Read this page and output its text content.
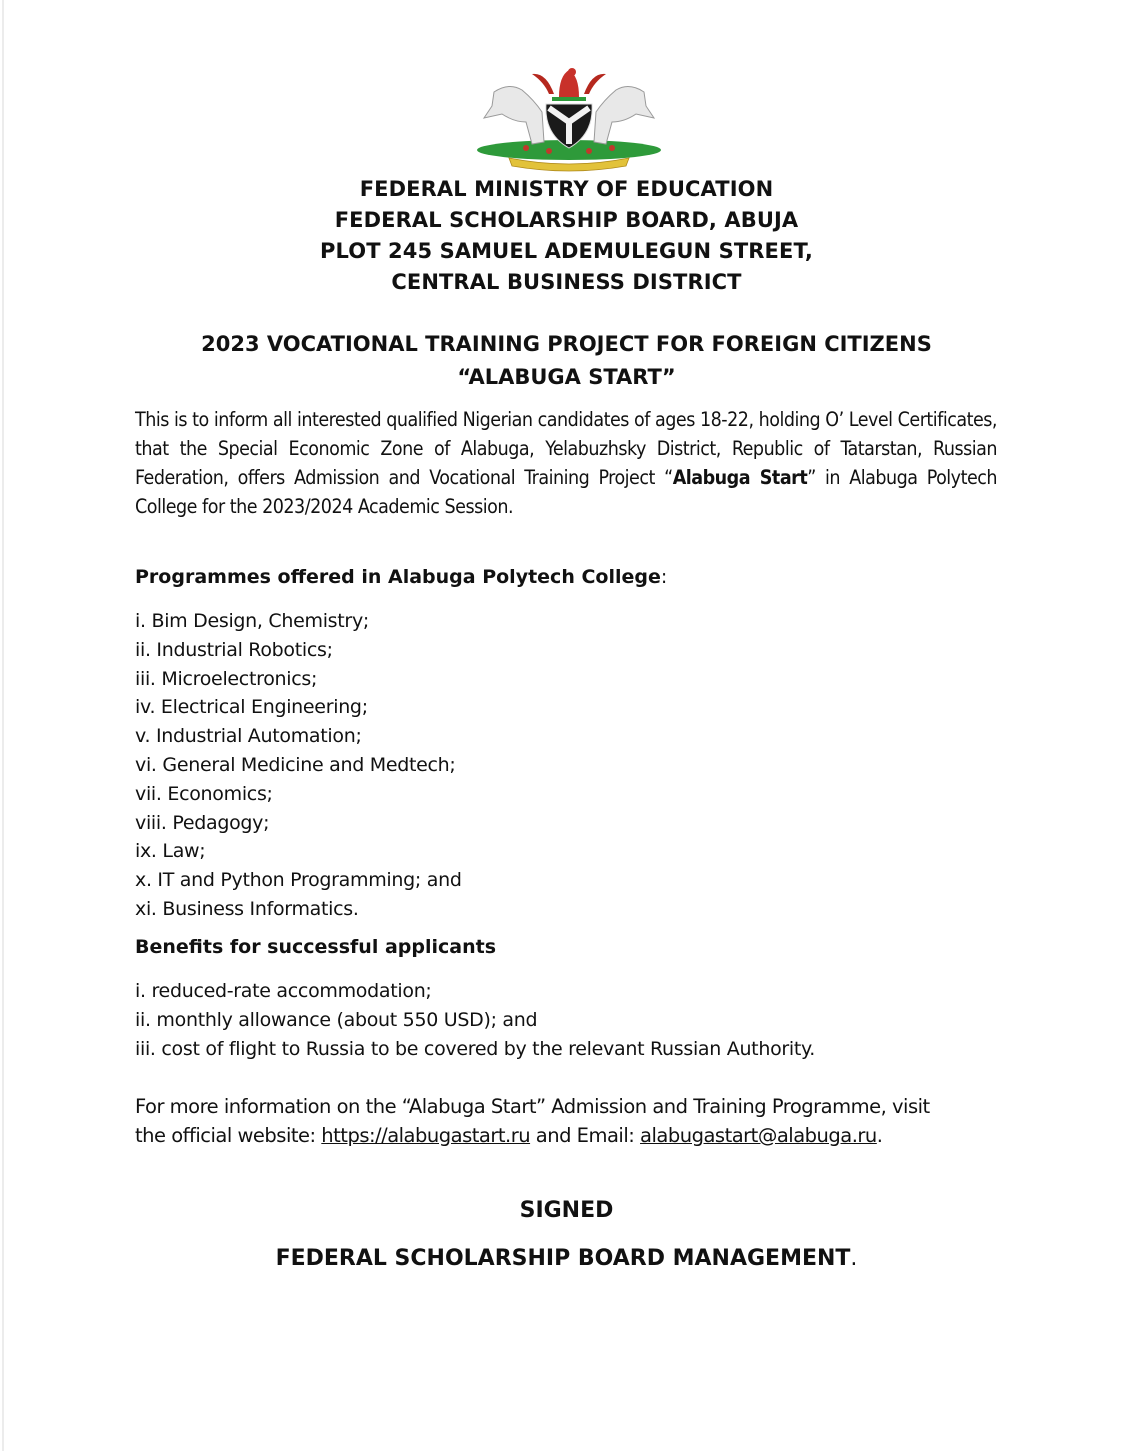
FEDERAL MINISTRY OF EDUCATION
FEDERAL SCHOLARSHIP BOARD, ABUJA
PLOT 245 SAMUEL ADEMULEGUN STREET,
CENTRAL BUSINESS DISTRICT
2023 VOCATIONAL TRAINING PROJECT FOR FOREIGN CITIZENS
“ALABUGA START”
This is to inform all interested qualified Nigerian candidates of ages 18-22, holding O’ Level Certificates, that the Special Economic Zone of Alabuga, Yelabuzhsky District, Republic of Tatarstan, Russian Federation, offers Admission and Vocational Training Project “Alabuga Start” in Alabuga Polytech College for the 2023/2024 Academic Session.
Programmes offered in Alabuga Polytech College:
i. Bim Design, Chemistry;
ii. Industrial Robotics;
iii. Microelectronics;
iv. Electrical Engineering;
v. Industrial Automation;
vi. General Medicine and Medtech;
vii. Economics;
viii. Pedagogy;
ix. Law;
x. IT and Python Programming; and
xi. Business Informatics.
Benefits for successful applicants
i. reduced-rate accommodation;
ii. monthly allowance (about 550 USD); and
iii. cost of flight to Russia to be covered by the relevant Russian Authority.
For more information on the “Alabuga Start” Admission and Training Programme, visit
the official website: https://alabugastart.ru and Email: alabugastart@alabuga.ru.
SIGNED
FEDERAL SCHOLARSHIP BOARD MANAGEMENT.
